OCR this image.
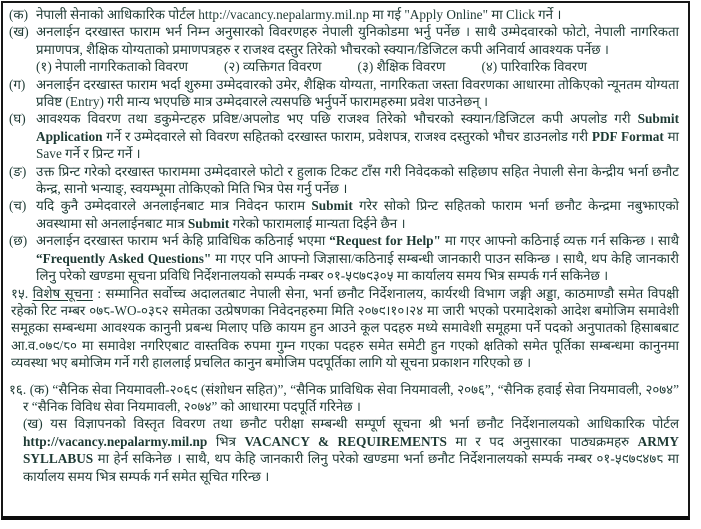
(क) नेपाली सेनाको आधिकारिक पोर्टल http://vacancy.nepalarmy.mil.np मा गई "Apply Online" मा Click गर्ने ।
(ख) अनलाईन दरखास्त फाराम भर्न निम्न अनुसारको विवरणहरु नेपाली युनिकोडमा भर्नु पर्नेछ । साथै उम्मेदवारको फोटो, नेपाली नागरिकता प्रमाणपत्र, शैक्षिक योग्यताको प्रमाणपत्रहरु र राजश्व दस्तुर तिरेको भौचरको स्क्यान/डिजिटल कपी अनिवार्य आवश्यक पर्नेछ ।
(१) नेपाली नागरिकताको विवरण	(२) व्यक्तिगत विवरण	(३) शैक्षिक विवरण	(४) पारिवारिक विवरण
(ग) अनलाईन दरखास्त फाराम भर्दा शुरुमा उम्मेदवारको उमेर, शैक्षिक योग्यता, नागरिकता जस्ता विवरणका आधारमा तोकिएको न्यूनतम योग्यता प्रविष्ट (Entry) गरी मान्य भएपछि मात्र उम्मेदवारले त्यसपछि भर्नुपर्ने फारामहरुमा प्रवेश पाउनेछन् ।
(घ) आवश्यक विवरण तथा डकुमेन्टहरु प्रविष्ट/अपलोड भए पछि राजश्व तिरेको भौचरको स्क्यान/डिजिटल कपी अपलोड गरी Submit Application गर्ने र उम्मेदवारले सो विवरण सहितको दरखास्त फाराम, प्रवेशपत्र, राजश्व दस्तुरको भौचर डाउनलोड गरी PDF Format मा Save गर्ने र प्रिन्ट गर्ने ।
(ङ) उक्त प्रिन्ट गरेको दरखास्त फाराममा उम्मेदवारले फोटो र हुलाक टिकट टाँस गरी निवेदकको सहिछाप सहित नेपाली सेना केन्द्रीय भर्ना छनौट केन्द्र, सानो भन्याङ्, स्वयम्भूमा तोकिएको मिति भित्र पेस गर्नु पर्नेछ ।
(च) यदि कुनै उम्मेदवारले अनलाईनबाट मात्र निवेदन फाराम Submit गरेर सोको प्रिन्ट सहितको फाराम भर्ना छनौट केन्द्रमा नबुझाएको अवस्थामा सो अनलाईनबाट मात्र Submit गरेको फारामलाई मान्यता दिईने छैन ।
(छ) अनलाईन दरखास्त फाराम भर्न केहि प्राविधिक कठिनाई भएमा “Request for Help" मा गएर आफ्नो कठिनाई व्यक्त गर्न सकिन्छ । साथै “Frequently Asked Questions" मा गएर पनि आफ्नो जिज्ञासा/कठिनाई सम्बन्धी जानकारी पाउन सकिन्छ । साथै, थप केहि जानकारी लिनु परेको खण्डमा सूचना प्रविधि निर्देशनालयको सम्पर्क नम्बर ०१-५९७९३०५ मा कार्यालय समय भित्र सम्पर्क गर्न सकिनेछ ।
१५. विशेष सूचना : सम्मानित सर्वोच्च अदालतबाट नेपाली सेना, भर्ना छनौट निर्देशनालय, कार्यरथी विभाग जङ्गी अड्डा, काठमाण्डौ समेत विपक्षी रहेको रिट नम्बर ०७८-WO-०३८२ समेतका उत्प्रेषणका निवेदनहरुमा मिति २०७९।१०।२४ मा जारी भएको परमादेशको आदेश बमोजिम समावेशी समूहका सम्बन्धमा आवश्यक कानुनी प्रबन्ध मिलाए पछि कायम हुन आउने कूल पदहरु मध्ये समावेशी समूहमा पर्ने पदको अनुपातको हिसाबबाट आ.व.०७९/८० मा समावेश नगरिएबाट वास्तविक रुपमा गुम्न गएका पदहरु समेत समेटी हुन गएको क्षतिको समेत पूर्तिका सम्बन्धमा कानुनमा व्यवस्था भए बमोजिम गर्ने गरी हाललाई प्रचलित कानुन बमोजिम पदपूर्तिका लागि यो सूचना प्रकाशन गरिएको छ ।
१६. (क) “सैनिक सेवा नियमावली-२०६९ (संशोधन सहित)”, “सैनिक प्राविधिक सेवा नियमावली, २०७६”, “सैनिक हवाई सेवा नियमावली, २०७४” र “सैनिक विविध सेवा नियमावली, २०७४” को आधारमा पदपूर्ति गरिनेछ ।
(ख) यस विज्ञापनको विस्तृत विवरण तथा छनौट परीक्षा सम्बन्धी सम्पूर्ण सूचना श्री भर्ना छनौट निर्देशनालयको आधिकारिक पोर्टल http://vacancy.nepalarmy.mil.np भित्र VACANCY & REQUIREMENTS मा र पद अनुसारका पाठ्यक्रमहरु ARMY SYLLABUS मा हेर्न सकिनेछ । साथै, थप केहि जानकारी लिनु परेको खण्डमा भर्ना छनौट निर्देशनालयको सम्पर्क नम्बर ०१-५९७९४७८ मा कार्यालय समय भित्र सम्पर्क गर्न समेत सूचित गरिन्छ ।
